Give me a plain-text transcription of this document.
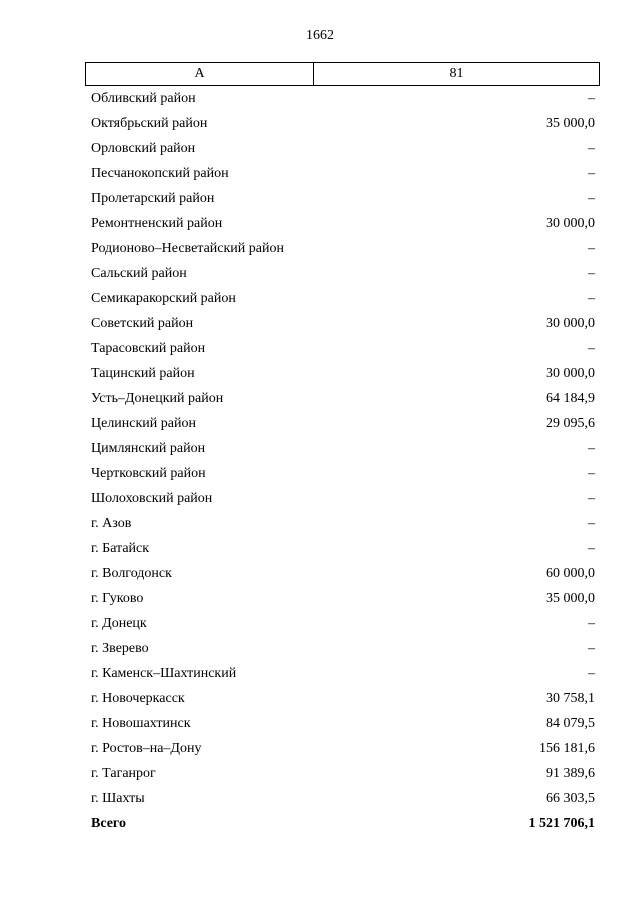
1662
А	81
Обливский район	–
Октябрьский район	35 000,0
Орловский район	–
Песчанокопский район	–
Пролетарский район	–
Ремонтненский район	30 000,0
Родионово–Несветайский район	–
Сальский район	–
Семикаракорский район	–
Советский район	30 000,0
Тарасовский район	–
Тацинский район	30 000,0
Усть–Донецкий район	64 184,9
Целинский район	29 095,6
Цимлянский район	–
Чертковский район	–
Шолоховский район	–
г. Азов	–
г. Батайск	–
г. Волгодонск	60 000,0
г. Гуково	35 000,0
г. Донецк	–
г. Зверево	–
г. Каменск–Шахтинский	–
г. Новочеркасск	30 758,1
г. Новошахтинск	84 079,5
г. Ростов–на–Дону	156 181,6
г. Таганрог	91 389,6
г. Шахты	66 303,5
Всего	1 521 706,1
